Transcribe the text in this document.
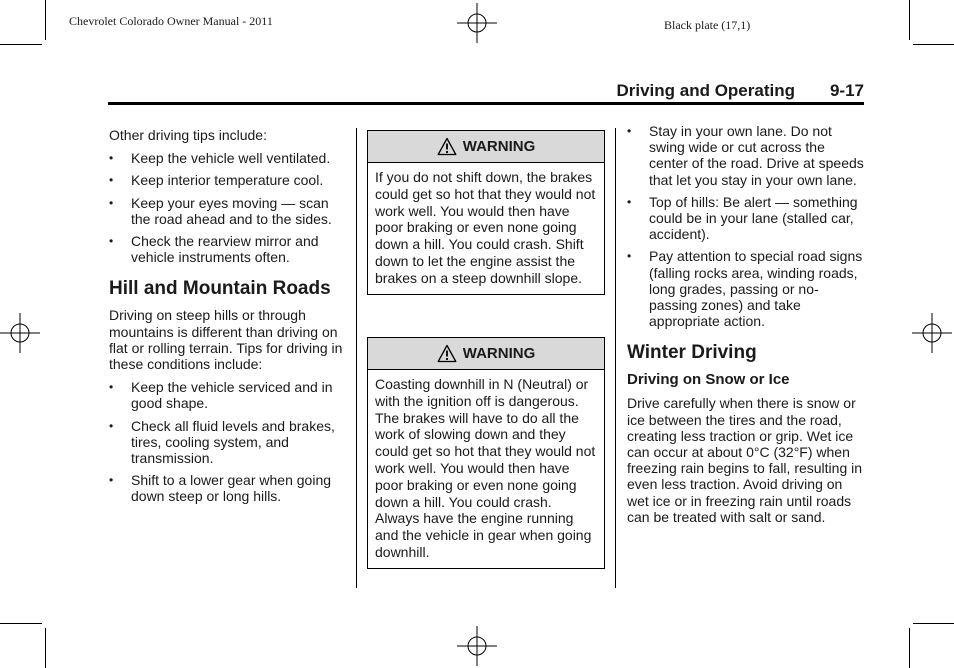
Chevrolet Colorado Owner Manual - 2011	Black plate (17,1)
Driving and Operating 9-17

Other driving tips include:

• Keep the vehicle well ventilated.
• Keep interior temperature cool.
• Keep your eyes moving — scan the road ahead and to the sides.
• Check the rearview mirror and vehicle instruments often.
Hill and Mountain Roads

Driving on steep hills or through mountains is different than driving on flat or rolling terrain. Tips for driving in these conditions include:

• Keep the vehicle serviced and in good shape.
• Check all fluid levels and brakes, tires, cooling system, and transmission.
• Shift to a lower gear when going down steep or long hills.
WARNING
If you do not shift down, the brakes could get so hot that they would not work well. You would then have poor braking or even none going down a hill. You could crash. Shift down to let the engine assist the brakes on a steep downhill slope.
WARNING
Coasting downhill in N (Neutral) or with the ignition off is dangerous. The brakes will have to do all the work of slowing down and they could get so hot that they would not work well. You would then have poor braking or even none going down a hill. You could crash. Always have the engine running and the vehicle in gear when going downhill.
• Stay in your own lane. Do not swing wide or cut across the center of the road. Drive at speeds that let you stay in your own lane.
• Top of hills: Be alert — something could be in your lane (stalled car, accident).
• Pay attention to special road signs (falling rocks area, winding roads, long grades, passing or no-passing zones) and take appropriate action.
Winter Driving
Driving on Snow or Ice

Drive carefully when there is snow or ice between the tires and the road, creating less traction or grip. Wet ice can occur at about 0°C (32°F) when freezing rain begins to fall, resulting in even less traction. Avoid driving on wet ice or in freezing rain until roads can be treated with salt or sand.
